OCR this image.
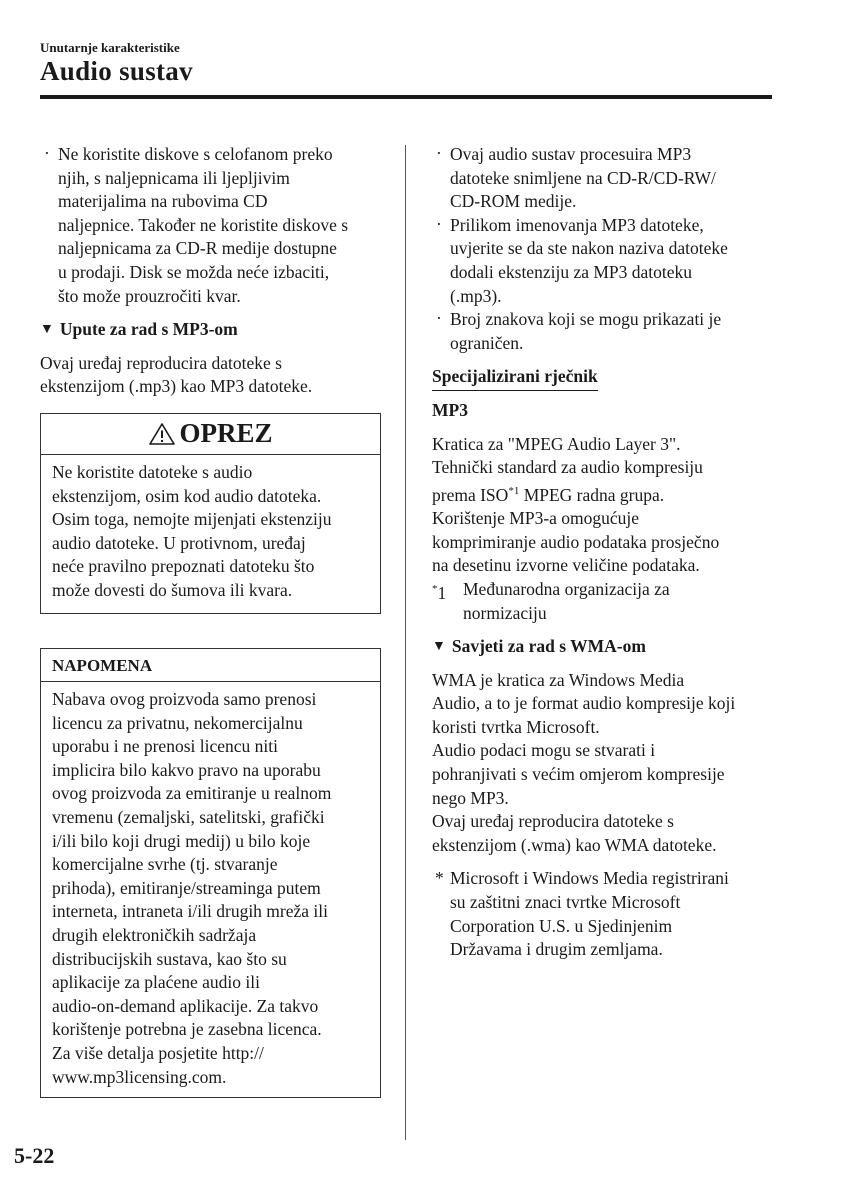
Unutarnje karakteristike
Audio sustav
· Ne koristite diskove s celofanom preko
njih, s naljepnicama ili ljepljivim
materijalima na rubovima CD
naljepnice. Također ne koristite diskove s
naljepnicama za CD-R medije dostupne
u prodaji. Disk se možda neće izbaciti,
što može prouzročiti kvar.
▼ Upute za rad s MP3-om
Ovaj uređaj reproducira datoteke s
ekstenzijom (.mp3) kao MP3 datoteke.
OPREZ
Ne koristite datoteke s audio
ekstenzijom, osim kod audio datoteka.
Osim toga, nemojte mijenjati ekstenziju
audio datoteke. U protivnom, uređaj
neće pravilno prepoznati datoteku što
može dovesti do šumova ili kvara.
NAPOMENA
Nabava ovog proizvoda samo prenosi
licencu za privatnu, nekomercijalnu
uporabu i ne prenosi licencu niti
implicira bilo kakvo pravo na uporabu
ovog proizvoda za emitiranje u realnom
vremenu (zemaljski, satelitski, grafički
i/ili bilo koji drugi medij) u bilo koje
komercijalne svrhe (tj. stvaranje
prihoda), emitiranje/streaminga putem
interneta, intraneta i/ili drugih mreža ili
drugih elektroničkih sadržaja
distribucijskih sustava, kao što su
aplikacije za plaćene audio ili
audio-on-demand aplikacije. Za takvo
korištenje potrebna je zasebna licenca.
Za više detalja posjetite http://
www.mp3licensing.com.
· Ovaj audio sustav procesuira MP3
datoteke snimljene na CD-R/CD-RW/
CD-ROM medije.
· Prilikom imenovanja MP3 datoteke,
uvjerite se da ste nakon naziva datoteke
dodali ekstenziju za MP3 datoteku
(.mp3).
· Broj znakova koji se mogu prikazati je
ograničen.
Specijalizirani rječnik
MP3
Kratica za "MPEG Audio Layer 3".
Tehnički standard za audio kompresiju
prema ISO$^{*1}$ MPEG radna grupa.
Korištenje MP3-a omogućuje
komprimiranje audio podataka prosječno
na desetinu izvorne veličine podataka.
*1 Međunarodna organizacija za
normizaciju
▼ Savjeti za rad s WMA-om
WMA je kratica za Windows Media
Audio, a to je format audio kompresije koji
koristi tvrtka Microsoft.
Audio podaci mogu se stvarati i
pohranjivati s većim omjerom kompresije
nego MP3.
Ovaj uređaj reproducira datoteke s
ekstenzijom (.wma) kao WMA datoteke.
* Microsoft i Windows Media registrirani
su zaštitni znaci tvrtke Microsoft
Corporation U.S. u Sjedinjenim
Državama i drugim zemljama.
5-22
